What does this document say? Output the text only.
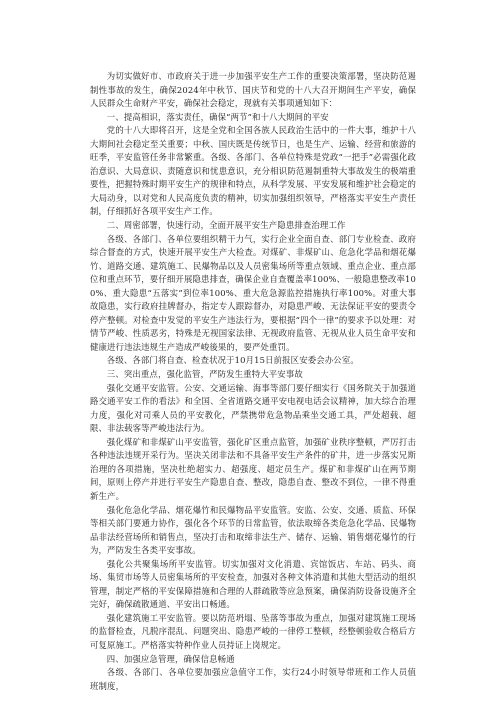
为切实做好市、市政府关于进一步加强平安生产工作的重要决策部署，坚决防范遏制性事故的发生，确保2024年中秋节、国庆节和党的十八大召开期间生产平安，确保人民群众生命财产平安，确保社会稳定，现就有关事项通知如下：

一、提高相识，落实责任，确保“两节”和十八大期间的平安

党的十八大即将召开，这是全党和全国各族人民政治生活中的一件大事，维护十八大期间社会稳定至关重要；中秋、国庆既是传统节日，也是生产、运输、经营和旅游的旺季，平安监管任务非常繁重。各级、各部门、各单位特殊是党政“一把手”必需强化政治意识、大局意识、责随意识和忧患意识，充分相识防范遏制重特大事故发生的极端重要性，把握特殊时期平安生产的规律和特点，从科学发展、平安发展和维护社会稳定的大局动身，以对党和人民高度负责的精神，切实加强组织领导，严格落实平安生产责任制，仔细抓好各项平安生产工作。

二、周密部署，快速行动，全面开展平安生产隐患排查治理工作

各级、各部门、各单位要组织精干力气，实行企业全面自查、部门专业检查、政府综合督查的方式，快速开展平安生产大检查。对煤矿、非煤矿山、危急化学品和烟花爆竹、道路交通、建筑施工、民爆物品以及人员密集场所等重点领域、重点企业、重点部位和重点环节，要仔细开展隐患排查，确保企业自查覆盖率100%、一般隐患整改率100%、重大隐患“五落实”到位率100%、重大危急源监控措施执行率100%。对重大事故隐患，实行政府挂牌督办，指定专人跟踪督办，对隐患严峻、无法保证平安的要责令停产整顿。对检查中发觉的平安生产违法行为，要根据“四个一律”的要求予以处理：对情节严峻、性质恶劣，特殊是无视国家法律、无视政府监管、无视从业人员生命平安和健康进行违法违规生产造成严峻後果的，要严处重罚。

各级、各部门将自查、检查状况于10月15日前报区安委会办公室。

三、突出重点，强化监管，严防发生重特大平安事故

强化交通平安监管。公安、交通运输、海事等部门要仔细实行《国务院关于加强道路交通平安工作的看法》和全国、全省道路交通平安电视电话会议精神，加大综合治理力度，强化对司乘人员的平安教化，严禁携带危急物品乘坐交通工具，严处超载、超限、非法载客等严峻违法行为。

强化煤矿和非煤矿山平安监管，强化矿区重点监管，加强矿业秩序整顿，严厉打击各种违法违规开采行为。坚决关闭非法和不具备平安生产条件的矿井，进一步落实兄斯治理的各项措施，坚决杜绝超实力、超强度、超定员生产。煤矿和非煤矿山在两节期间，原则上停产并进行平安生产隐患自查、整改，隐患自查、整改不到位，一律不得重新生产。

强化危急化学品、烟花爆竹和民爆物品平安监管。安监、公安、交通、质监、环保等相关部门要通力协作，强化各个环节的日常监管，依法取缔各类危急化学品、民爆物品非法经营场所和销售点，坚决打击和取缔非法生产、储存、运输、销售烟花爆竹的行为，严防发生各类平安事故。

强化公共聚集场所平安监管。切实加强对文化消遣、宾馆饭店、车站、码头、商场、集贸市场等人员密集场所的平安检查，加强对各种文体消遣和其他大型活动的组织管理，制定严格的平安保障措施和合理的人群疏散等应急预案，确保消防设备设施齐全完好，确保疏散通道、平安出口畅通。

强化建筑施工平安监管。要以防范坍塌、坠落等事故为重点，加强对建筑施工现场的监督检查，凡脱序混乱、问题突出、隐患严峻的一律停工整顿，经整顿验收合格后方可复原施工。严格落实特种作业人员持证上岗规定。

四、加强应急管理，确保信息畅通

各级、各部门、各单位要加强应急值守工作，实行24小时领导带班和工作人员值班制度，
